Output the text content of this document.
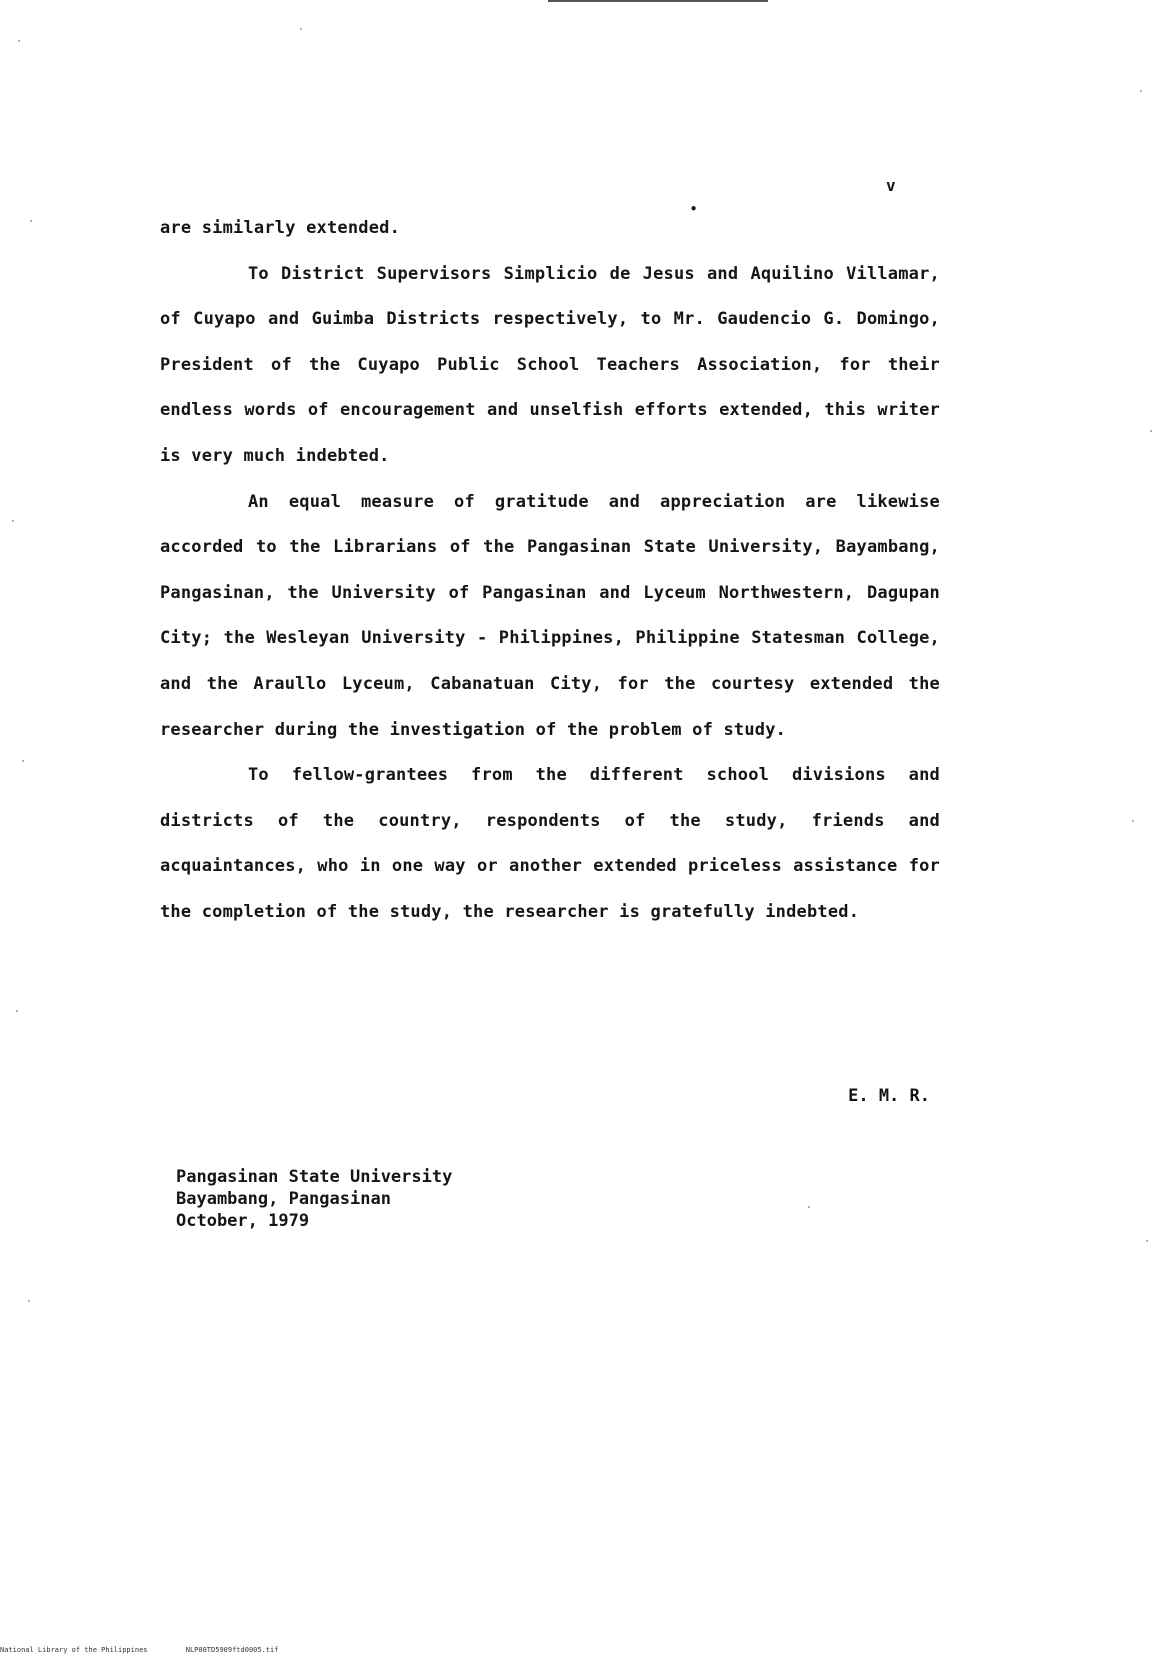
v
•

are similarly extended.

To District Supervisors Simplicio de Jesus and Aquilino Villamar, of Cuyapo and Guimba Districts respectively, to Mr. Gaudencio G. Domingo, President of the Cuyapo Public School Teachers Association, for their endless words of encouragement and unselfish efforts extended, this writer is very much indebted.

An equal measure of gratitude and appreciation are likewise accorded to the Librarians of the Pangasinan State University, Bayambang, Pangasinan, the University of Pangasinan and Lyceum Northwestern, Dagupan City; the Wesleyan University - Philippines, Philippine Statesman College, and the Araullo Lyceum, Cabanatuan City, for the courtesy extended the researcher during the investigation of the problem of study.

To fellow-grantees from the different school divisions and districts of the country, respondents of the study, friends and acquaintances, who in one way or another extended priceless assistance for the completion of the study, the researcher is gratefully indebted.

E. M. R.
Pangasinan State University
Bayambang, Pangasinan
October, 1979
National Library of the Philippines	NLP00TD5909ftd0005.tif
